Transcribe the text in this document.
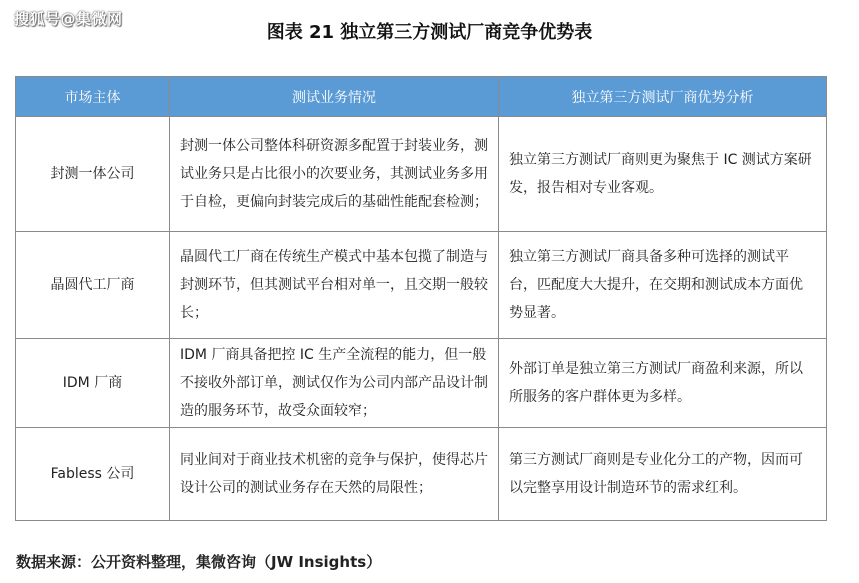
搜狐号@集微网
图表 21 独立第三方测试厂商竞争优势表
市场主体	测试业务情况	独立第三方测试厂商优势分析
封测一体公司	封测一体公司整体科研资源多配置于封装业务，测试业务只是占比很小的次要业务，其测试业务多用于自检，更偏向封装完成后的基础性能配套检测；	独立第三方测试厂商则更为聚焦于 IC 测试方案研发，报告相对专业客观。
晶圆代工厂商	晶圆代工厂商在传统生产模式中基本包揽了制造与封测环节，但其测试平台相对单一，且交期一般较长；	独立第三方测试厂商具备多种可选择的测试平台，匹配度大大提升，在交期和测试成本方面优势显著。
IDM 厂商	IDM 厂商具备把控 IC 生产全流程的能力，但一般不接收外部订单，测试仅作为公司内部产品设计制造的服务环节，故受众面较窄；	外部订单是独立第三方测试厂商盈利来源，所以所服务的客户群体更为多样。
Fabless 公司	同业间对于商业技术机密的竞争与保护，使得芯片设计公司的测试业务存在天然的局限性；	第三方测试厂商则是专业化分工的产物，因而可以完整享用设计制造环节的需求红利。
数据来源：公开资料整理，集微咨询（JW Insights）
